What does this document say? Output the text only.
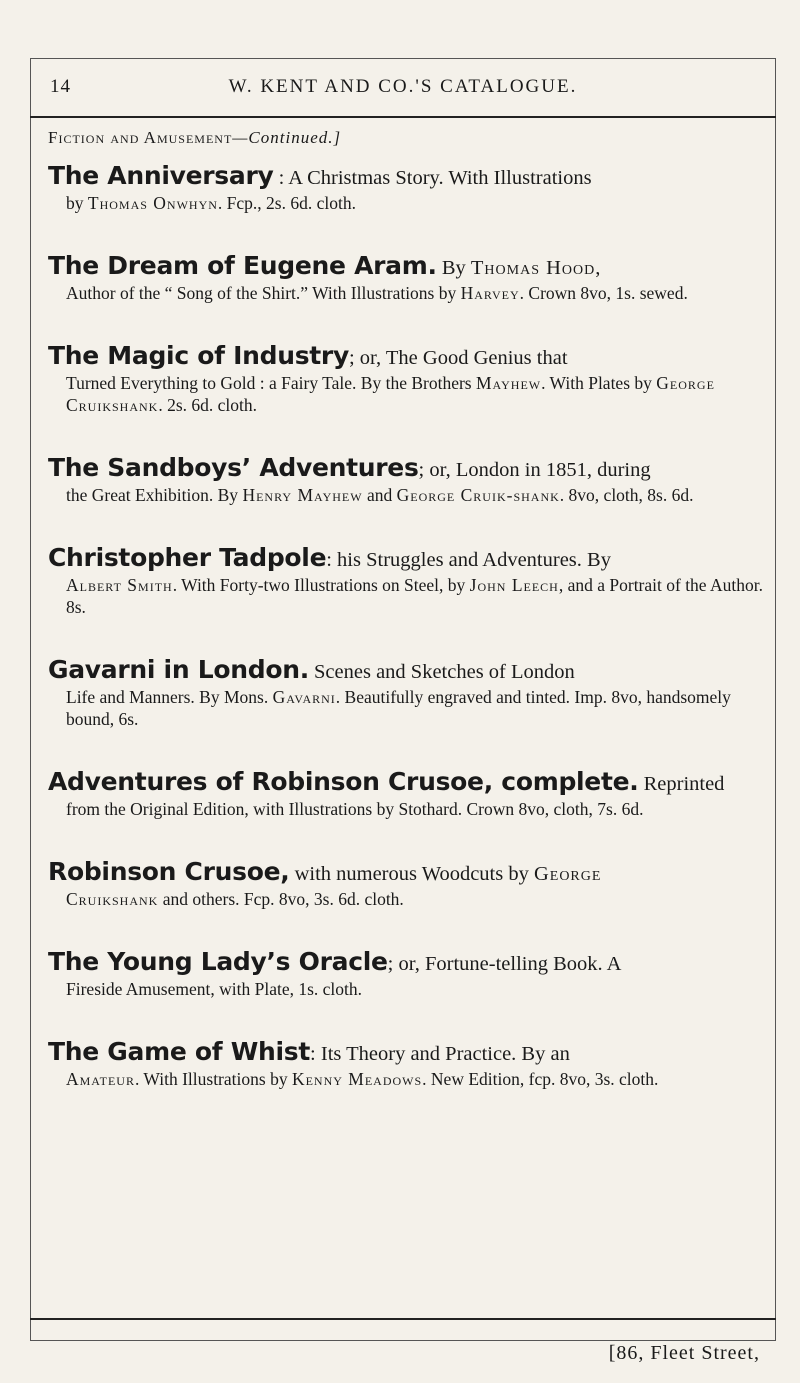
14	W. KENT AND CO.'S CATALOGUE.
Fiction and Amusement—Continued.]
The Anniversary : A Christmas Story. With Illustrations
by Thomas Onwhyn. Fcp., 2s. 6d. cloth.
The Dream of Eugene Aram. By Thomas Hood,
Author of the “ Song of the Shirt.” With Illustrations by Harvey. Crown 8vo, 1s. sewed.
The Magic of Industry; or, The Good Genius that
Turned Everything to Gold : a Fairy Tale. By the Brothers Mayhew. With Plates by George Cruikshank. 2s. 6d. cloth.
The Sandboys’ Adventures; or, London in 1851, during
the Great Exhibition. By Henry Mayhew and George Cruik-shank. 8vo, cloth, 8s. 6d.
Christopher Tadpole: his Struggles and Adventures. By
Albert Smith. With Forty-two Illustrations on Steel, by John Leech, and a Portrait of the Author. 8s.
Gavarni in London. Scenes and Sketches of London
Life and Manners. By Mons. Gavarni. Beautifully engraved and tinted. Imp. 8vo, handsomely bound, 6s.
Adventures of Robinson Crusoe, complete. Reprinted
from the Original Edition, with Illustrations by Stothard. Crown 8vo, cloth, 7s. 6d.
Robinson Crusoe, with numerous Woodcuts by George
Cruikshank and others. Fcp. 8vo, 3s. 6d. cloth.
The Young Lady’s Oracle; or, Fortune-telling Book. A
Fireside Amusement, with Plate, 1s. cloth.
The Game of Whist: Its Theory and Practice. By an
Amateur. With Illustrations by Kenny Meadows. New Edition, fcp. 8vo, 3s. cloth.
[86, Fleet Street,
